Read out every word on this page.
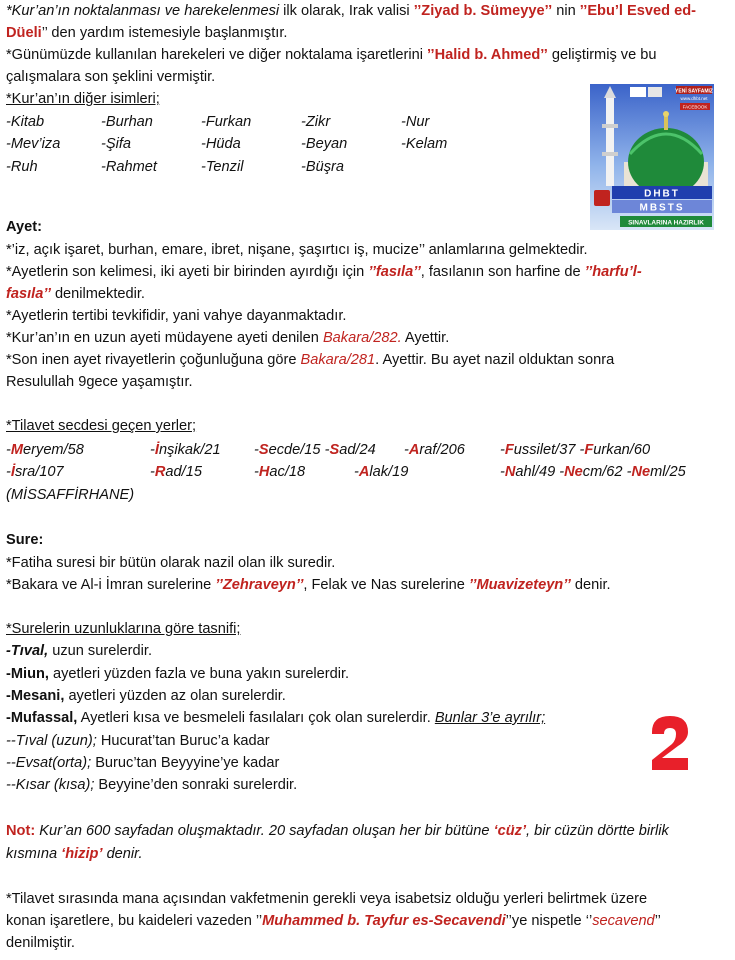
*Kur’an’ın noktalanması ve harekelenmesi ilk olarak, Irak valisi ’’Ziyad b. Sümeyye’’ nin ’’Ebu’l Esved ed-
Düeli’’ den yardım istemesiyle başlanmıştır.
*Günümüzde kullanılan harekeleri ve diğer noktalama işaretlerini ’’Halid b. Ahmed’’ geliştirmiş ve bu
çalışmalara son şeklini vermiştir.
*Kur’an’ın diğer isimleri;
-Kitab	-Burhan	-Furkan	-Zikr	-Nur
-Mev’iza	-Şifa	-Hüda	-Beyan	-Kelam
-Ruh	-Rahmet	-Tenzil	-Büşra
YENİ SAYFAMIZ
www.dhbt.net
FACEBOOK
DHBT
MBSTS
SINAVLARINA HAZIRLIK
Ayet:
*’iz, açık işaret, burhan, emare, ibret, nişane, şaşırtıcı iş, mucize’’ anlamlarına gelmektedir.
*Ayetlerin son kelimesi, iki ayeti bir birinden ayırdığı için ’’fasıla’’, fasılanın son harfine de ’’harfu’l-
fasıla’’ denilmektedir.
*Ayetlerin tertibi tevkifidir, yani vahye dayanmaktadır.
*Kur’an’ın en uzun ayeti müdayene ayeti denilen Bakara/282. Ayettir.
*Son inen ayet rivayetlerin çoğunluğuna göre Bakara/281. Ayettir. Bu ayet nazil olduktan sonra
Resulullah 9gece yaşamıştır.
*Tilavet secdesi geçen yerler;
-Meryem/58	-İnşikak/21 -Secde/15 -Sad/24 -Araf/206 -Fussilet/37 -Furkan/60
-İsra/107	-Rad/15	-Hac/18	-Alak/19	-Nahl/49 -Necm/62 -Neml/25
(MİSSAFFİRHANE)
Sure:
*Fatiha suresi bir bütün olarak nazil olan ilk suredir.
*Bakara ve Al-i İmran surelerine ’’Zehraveyn’’, Felak ve Nas surelerine ’’Muavizeteyn’’ denir.
*Surelerin uzunluklarına göre tasnifi;
-Tıval, uzun surelerdir.
-Miun, ayetleri yüzden fazla ve buna yakın surelerdir.
-Mesani, ayetleri yüzden az olan surelerdir.
-Mufassal, Ayetleri kısa ve besmeleli fasılaları çok olan surelerdir. Bunlar 3’e ayrılır;
--Tıval (uzun); Hucurat’tan Buruc’a kadar
--Evsat(orta); Buruc’tan Beyyyine’ye kadar
--Kısar (kısa); Beyyine’den sonraki surelerdir.
2
Not: Kur’an 600 sayfadan oluşmaktadır. 20 sayfadan oluşan her bir bütüne ‘cüz’, bir cüzün dörtte birlik
kısmına ‘hizip’ denir.
*Tilavet sırasında mana açısından vakfetmenin gerekli veya isabetsiz olduğu yerleri belirtmek üzere
konan işaretlere, bu kaideleri vazeden ’’Muhammed b. Tayfur es-Secavendi’’ye nispetle ‘’secavend’’
denilmiştir.
